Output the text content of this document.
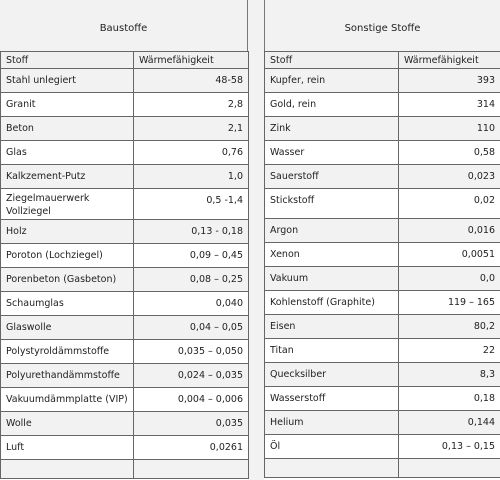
Baustoffe
Stoff	Wärmefähigkeit
Stahl unlegiert	48-58
Granit	2,8
Beton	2,1
Glas	0,76
Kalkzement-Putz	1,0
Ziegelmauerwerk Vollziegel	0,5 -1,4
Holz	0,13 - 0,18
Poroton (Lochziegel)	0,09 – 0,45
Porenbeton (Gasbeton)	0,08 – 0,25
Schaumglas	0,040
Glaswolle	0,04 – 0,05
Polystyroldämmstoffe	0,035 – 0,050
Polyurethandämmstoffe	0,024 – 0,035
Vakuumdämmplatte (VIP)	0,004 – 0,006
Wolle	0,035
Luft	0,0261

Sonstige Stoffe
Stoff	Wärmefähigkeit
Kupfer, rein	393
Gold, rein	314
Zink	110
Wasser	0,58
Sauerstoff	0,023
Stickstoff	0,02
Argon	0,016
Xenon	0,0051
Vakuum	0,0
Kohlenstoff (Graphite)	119 – 165
Eisen	80,2
Titan	22
Quecksilber	8,3
Wasserstoff	0,18
Helium	0,144
Öl	0,13 – 0,15
